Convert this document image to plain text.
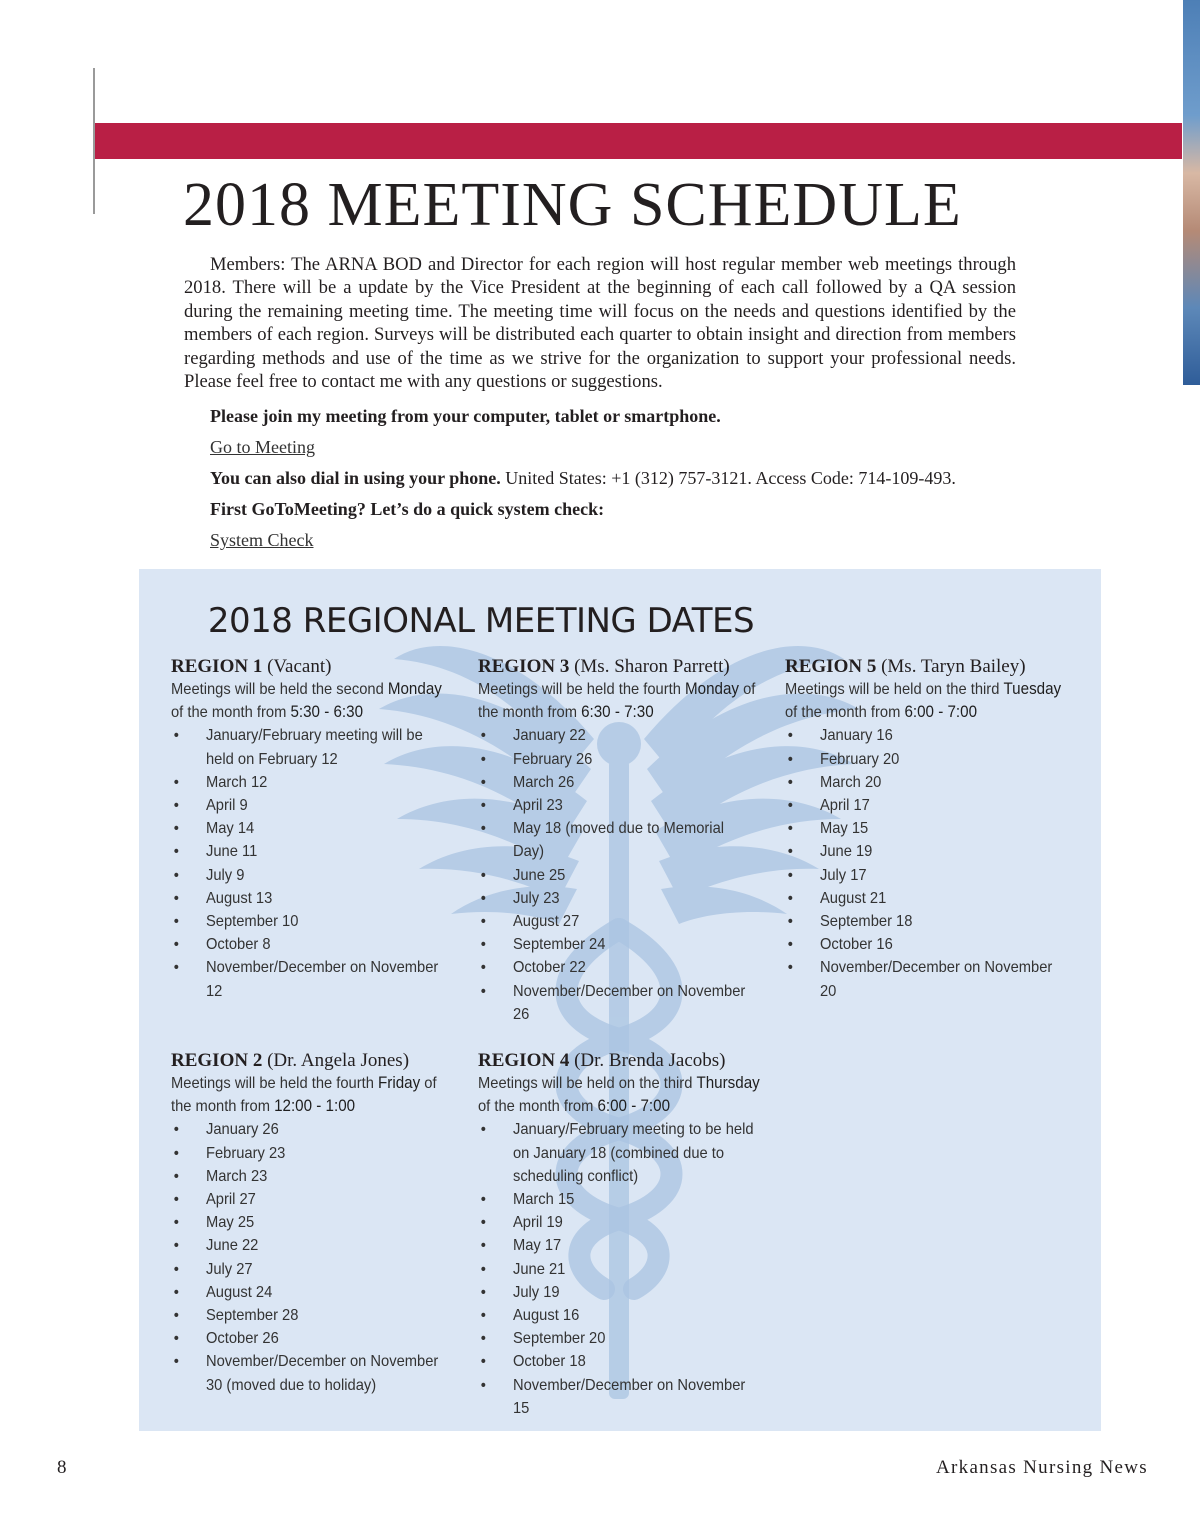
2018 MEETING SCHEDULE

Members: The ARNA BOD and Director for each region will host regular member web meetings through 2018. There will be a update by the Vice President at the beginning of each call followed by a QA session during the remaining meeting time. The meeting time will focus on the needs and questions identified by the members of each region. Surveys will be distributed each quarter to obtain insight and direction from members regarding methods and use of the time as we strive for the organization to support your professional needs. Please feel free to contact me with any questions or suggestions.

Please join my meeting from your computer, tablet or smartphone.

Go to Meeting

You can also dial in using your phone. United States: +1 (312) 757-3121. Access Code: 714-109-493.

First GoToMeeting? Let’s do a quick system check:

System Check

2018 REGIONAL MEETING DATES

REGION 1 (Vacant)

Meetings will be held the second Monday of the month from 5:30 - 6:30

• January/February meeting will be held on February 12
• March 12
• April 9
• May 14
• June 11
• July 9
• August 13
• September 10
• October 8
• November/December on November 12

REGION 2 (Dr. Angela Jones)

Meetings will be held the fourth Friday of the month from 12:00 - 1:00

• January 26
• February 23
• March 23
• April 27
• May 25
• June 22
• July 27
• August 24
• September 28
• October 26
• November/December on November 30 (moved due to holiday)

REGION 3 (Ms. Sharon Parrett)

Meetings will be held the fourth Monday of the month from 6:30 - 7:30

• January 22
• February 26
• March 26
• April 23
• May 18 (moved due to Memorial Day)
• June 25
• July 23
• August 27
• September 24
• October 22
• November/December on November 26

REGION 4 (Dr. Brenda Jacobs)

Meetings will be held on the third Thursday of the month from 6:00 - 7:00

• January/February meeting to be held on January 18 (combined due to scheduling conflict)
• March 15
• April 19
• May 17
• June 21
• July 19
• August 16
• September 20
• October 18
• November/December on November 15

REGION 5 (Ms. Taryn Bailey)

Meetings will be held on the third Tuesday of the month from 6:00 - 7:00

• January 16
• February 20
• March 20
• April 17
• May 15
• June 19
• July 17
• August 21
• September 18
• October 16
• November/December on November 20

8	Arkansas Nursing News
